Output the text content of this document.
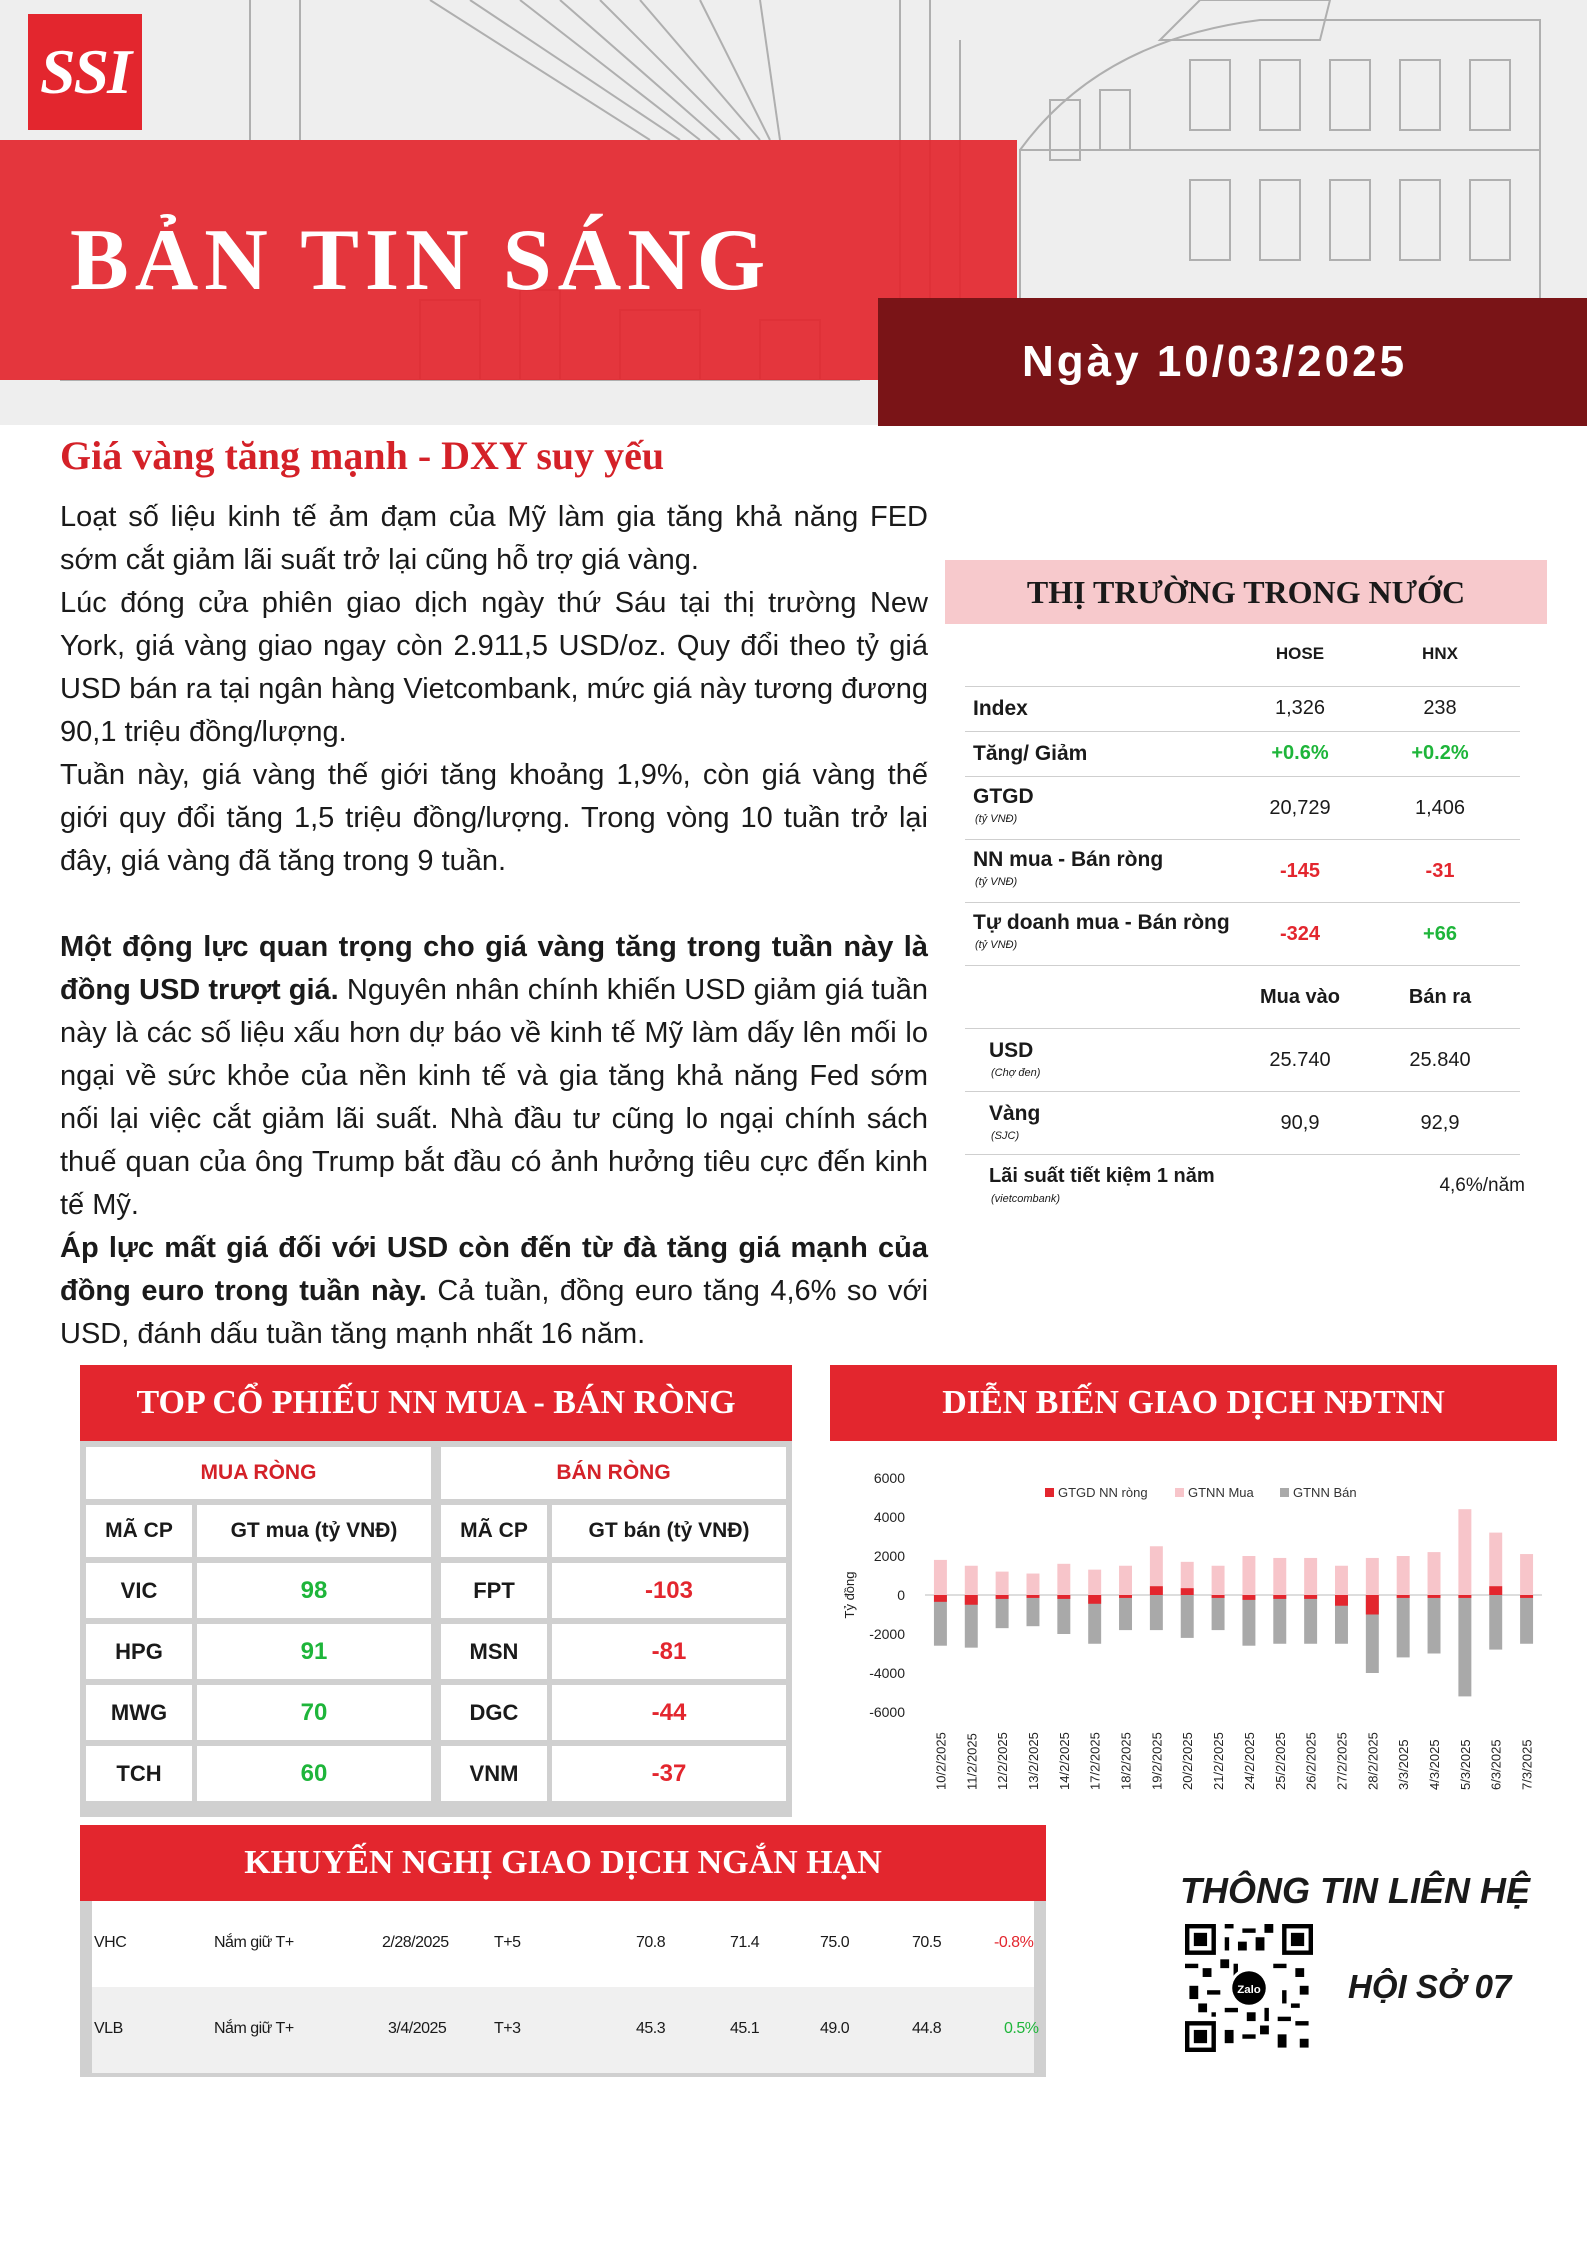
SSI
BẢN TIN SÁNG
Ngày 10/03/2025
Giá vàng tăng mạnh - DXY suy yếu

Loạt số liệu kinh tế ảm đạm của Mỹ làm gia tăng khả năng FED sớm cắt giảm lãi suất trở lại cũng hỗ trợ giá vàng.

Lúc đóng cửa phiên giao dịch ngày thứ Sáu tại thị trường New York, giá vàng giao ngay còn 2.911,5 USD/oz. Quy đổi theo tỷ giá USD bán ra tại ngân hàng Vietcombank, mức giá này tương đương 90,1 triệu đồng/lượng.

Tuần này, giá vàng thế giới tăng khoảng 1,9%, còn giá vàng thế giới quy đổi tăng 1,5 triệu đồng/lượng. Trong vòng 10 tuần trở lại đây, giá vàng đã tăng trong 9 tuần.

Một động lực quan trọng cho giá vàng tăng trong tuần này là đồng USD trượt giá. Nguyên nhân chính khiến USD giảm giá tuần này là các số liệu xấu hơn dự báo về kinh tế Mỹ làm dấy lên mối lo ngại về sức khỏe của nền kinh tế và gia tăng khả năng Fed sớm nối lại việc cắt giảm lãi suất. Nhà đầu tư cũng lo ngại chính sách thuế quan của ông Trump bắt đầu có ảnh hưởng tiêu cực đến kinh tế Mỹ.

Áp lực mất giá đối với USD còn đến từ đà tăng giá mạnh của đồng euro trong tuần này. Cả tuần, đồng euro tăng 4,6% so với USD, đánh dấu tuần tăng mạnh nhất 16 năm.

THỊ TRƯỜNG TRONG NƯỚC
HOSE	HNX
Index	1,326	238
Tăng/ Giảm	+0.6%	+0.2%
GTGD
(tỷ VNĐ)	20,729	1,406
NN mua - Bán ròng
(tỷ VNĐ)	-145	-31
Tự doanh mua - Bán ròng
(tỷ VNĐ)	-324	+66
Mua vào	Bán ra
USD
(Chợ đen)
25.740	25.840
Vàng
(SJC)
90,9	92,9
Lãi suất tiết kiệm 1 năm
(vietcombank)
4,6%/năm
TOP CỔ PHIẾU NN MUA - BÁN RÒNG
MUA RÒNG	BÁN RÒNG
MÃ CP	GT mua (tỷ VNĐ)	MÃ CP	GT bán (tỷ VNĐ)
VIC	98	FPT	-103
HPG	91	MSN	-81
MWG	70	DGC	-44
TCH	60	VNM	-37
DIỄN BIẾN GIAO DỊCH NĐTNN
6000
4000
2000
0
-2000
-4000
-6000
Tỷ đồng
GTGD NN ròng	GTNN Mua	GTNN Bán
10/2/2025 11/2/2025 12/2/2025 13/2/2025 14/2/2025 17/2/2025 18/2/2025 19/2/2025 20/2/2025 21/2/2025 24/2/2025 25/2/2025 26/2/2025 27/2/2025 28/2/2025 3/3/2025 4/3/2025 5/3/2025 6/3/2025 7/3/2025
KHUYẾN NGHỊ GIAO DỊCH NGẮN HẠN
VHC	Nắm giữ T+	2/28/2025	T+5	70.8	71.4	75.0	70.5	-0.8%
VLB	Nắm giữ T+	3/4/2025	T+3	45.3	45.1	49.0	44.8	0.5%
THÔNG TIN LIÊN HỆ
Zalo	HỘI SỞ 07
